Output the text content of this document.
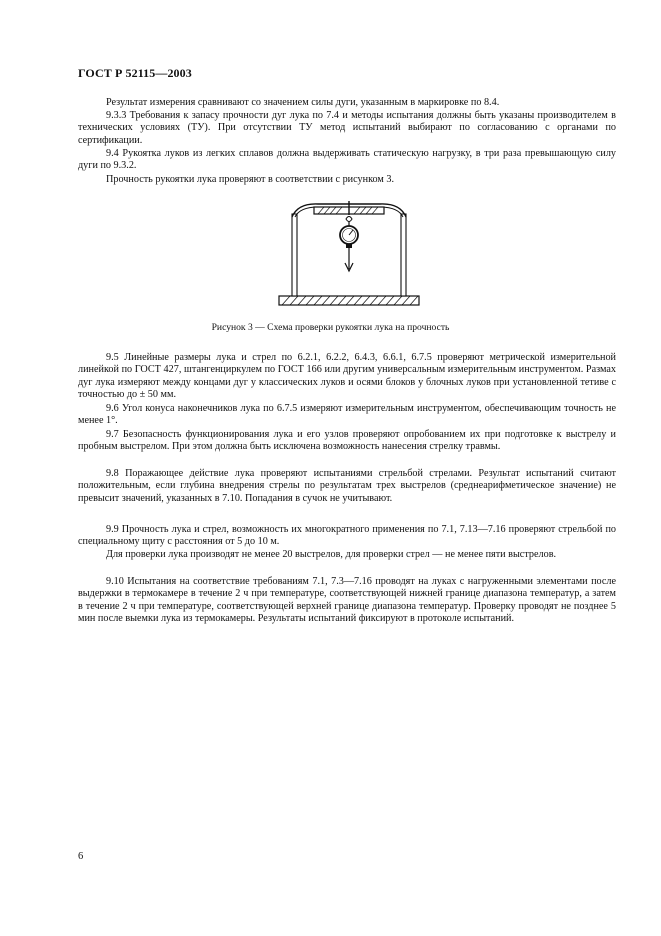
ГОСТ Р 52115—2003

Результат измерения сравнивают со значением силы дуги, указанным в маркировке по 8.4.

9.3.3 Требования к запасу прочности дуг лука по 7.4 и методы испытания должны быть указаны производителем в технических условиях (ТУ). При отсутствии ТУ метод испытаний выбирают по согласованию с органами по сертификации.

9.4 Рукоятка луков из легких сплавов должна выдерживать статическую нагрузку, в три раза превышающую силу дуги по 9.3.2.

Прочность рукоятки лука проверяют в соответствии с рисунком 3.

Рисунок 3 — Схема проверки рукоятки лука на прочность

9.5 Линейные размеры лука и стрел по 6.2.1, 6.2.2, 6.4.3, 6.6.1, 6.7.5 проверяют метрической измерительной линейкой по ГОСТ 427, штангенциркулем по ГОСТ 166 или другим универсальным измерительным инструментом. Размах дуг лука измеряют между концами дуг у классических луков и осями блоков у блочных луков при установленной тетиве с точностью до ± 50 мм.

9.6 Угол конуса наконечников лука по 6.7.5 измеряют измерительным инструментом, обеспечивающим точность не менее 1°.

9.7 Безопасность функционирования лука и его узлов проверяют опробованием их при подготовке к выстрелу и пробным выстрелом. При этом должна быть исключена возможность нанесения стрелку травмы.

9.8 Поражающее действие лука проверяют испытаниями стрельбой стрелами. Результат испытаний считают положительным, если глубина внедрения стрелы по результатам трех выстрелов (среднеарифметическое значение) не превысит значений, указанных в 7.10. Попадания в сучок не учитывают.

9.9 Прочность лука и стрел, возможность их многократного применения по 7.1, 7.13—7.16 проверяют стрельбой по специальному щиту с расстояния от 5 до 10 м.

Для проверки лука производят не менее 20 выстрелов, для проверки стрел — не менее пяти выстрелов.

9.10 Испытания на соответствие требованиям 7.1, 7.3—7.16 проводят на луках с нагруженными элементами после выдержки в термокамере в течение 2 ч при температуре, соответствующей нижней границе диапазона температур, а затем в течение 2 ч при температуре, соответствующей верхней границе диапазона температур. Проверку проводят не позднее 5 мин после выемки лука из термокамеры. Результаты испытаний фиксируют в протоколе испытаний.

6
